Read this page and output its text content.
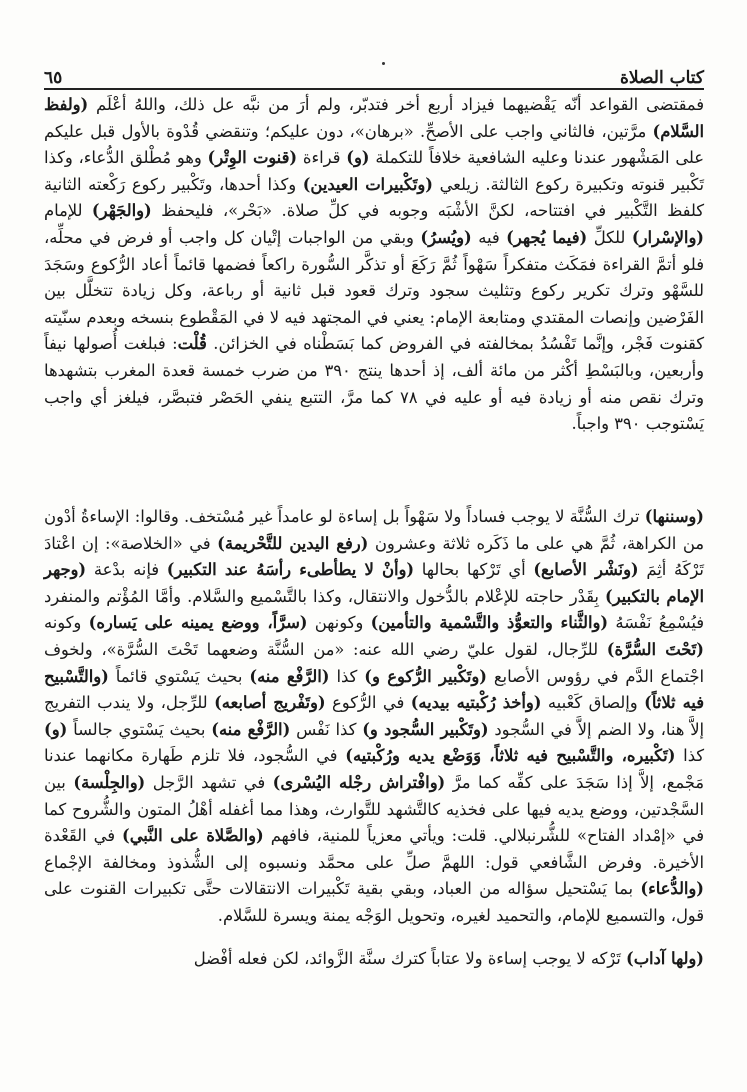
كتاب الصلاة
٦٥

فمقتضى القواعد أنّه يَقْضيهما فيزاد أربع أخر فتدبّر، ولم أرَ من نبَّه عل ذلك، واللهُ أعْلَم (ولفظ السَّلام) مرَّتين، فالثاني واجب على الأصحِّ. «برهان»، دون عليكم؛ وتنقضي قُدْوة بالأول قبل عليكم على المَشْهور عندنا وعليه الشافعية خلافاً للتكملة (و) قراءة (قنوت الوِتْر) وهو مُطْلق الدُّعاء، وكذا تَكْبير قنوته وتكبيرة ركوع الثالثة. زيلعي (وتَكْبيرات العيدين) وكذا أحدها، وتَكْبير ركوع رَكْعته الثانية كلفظ التَّكْبير في افتتاحه، لكنَّ الأشْبَه وجوبه في كلِّ صلاة. «بَحْر»، فليحفظ (والجَهْر) للإمام (والإسْرار) للكلِّ (فيما يُجهر) فيه (ويُسرُ) وبقي من الواجبات إتْيان كل واجب أو فرض في محلِّه، فلو أتمَّ القراءة فمَكَث متفكراً سَهْواً ثُمَّ رَكَعَ أو تذكَّر السُّورة راكعاً فضمها قائماً أعاد الرُّكوع وسَجَدَ للسَّهْو وترك تكرير ركوع وتثليث سجود وترك قعود قبل ثانية أو رباعة، وكل زيادة تتخلَّل بين الفَرْضين وإنصات المقتدي ومتابعة الإمام: يعني في المجتهد فيه لا في المَقْطوع بنسخه وبعدم سنّيته كقنوت فَجْر، وإنَّما تَفْسُدُ بمخالفته في الفروض كما بَسَطْناه في الخزائن. قُلْت: فبلغت أُصولها نيفاً وأربعين، وبالبَسْطِ أكْثر من مائة ألف، إذ أحدها ينتج ٣٩٠ من ضرب خمسة قعدة المغرب بتشهدها وترك نقص منه أو زيادة فيه أو عليه في ٧٨ كما مرَّ، التتبع ينفي الحَصْر فتبصَّر، فيلغز أي واجب يَسْتوجب ٣٩٠ واجباً.

(وسننها) ترك السُّنَّة لا يوجب فساداً ولا سَهْواً بل إساءة لو عامداً غير مُسْتخف. وقالوا: الإساءةُ أدْون من الكراهة، ثُمَّ هي على ما ذَكَره ثلاثة وعشرون (رفع اليدين للتَّحْريمة) في «الخلاصة»: إن اعْتادَ تَرْكَهُ أثِمَ (ونَشْر الأصابع) أي تَرْكها بحالها (وأنْ لا يطأطىء رأسَهُ عند التكبير) فإنه بدْعة (وجهر الإمام بالتكبير) بِقَدْر حاجته للإعْلام بالدُّخول والانتقال، وكذا بالتَّسْميع والسَّلام. وأمَّا المُؤْتم والمنفرد فيُسْمِعُ نَفْسَهُ (والثَّناء والتعوُّذ والتَّسْمية والتأمين) وكونهن (سرَّاً، ووضع يمينه على يَساره) وكونه (تَحْتَ السُّرَّة) للرِّجال، لقول عليّ رضي الله عنه: «من السُّنَّة وضعهما تَحْتَ السُّرَّة»، ولخوف اجْتماع الدَّم في رؤوس الأصابع (وتَكْبير الرُّكوع و) كذا (الرَّفْع منه) بحيث يَسْتوي قائماً (والتَّسْبيح فيه ثلاثاً) وإلصاق كَعْبيه (وأخذ رُكْبتيه بيديه) في الرُّكوع (وتَفْريج أصابعه) للرِّجل، ولا يندب التفريج إلاَّ هنا، ولا الضم إلاَّ في السُّجود (وتَكْبير السُّجود و) كذا نَفْس (الرَّفْع منه) بحيث يَسْتوي جالساً (و) كذا (تَكْبيره، والتَّسْبيح فيه ثلاثاً، وَوَضْع يديه ورُكْبتيه) في السُّجود، فلا تلزم طَهارة مكانهما عندنا مَجْمع، إلاَّ إذا سَجَدَ على كفِّه كما مرَّ (وافْتراش رجْله اليُسْرى) في تشهد الرَّجل (والجِلْسة) بين السَّجْدتين، ووضع يديه فيها على فخذيه كالتَّشهد للتَّوارث، وهذا مما أغفله أهْلُ المتون والشُّروح كما في «إمْداد الفتاح» للشُّرنبلالي. قلت: ويأتي معزياً للمنية، فافهم (والصَّلاة على النَّبي) في القَعْدة الأخيرة. وفرض الشَّافعي قول: اللهمَّ صلِّ على محمَّد ونسبوه إلى الشُّذوذ ومخالفة الإجْماع (والدُّعاء) بما يَسْتحيل سؤاله من العباد، وبقي بقية تَكْبيرات الانتقالات حتَّى تكبيرات القنوت على قول، والتسميع للإمام، والتحميد لغيره، وتحويل الوَجْه يمنة ويسرة للسَّلام.

(ولها آداب) تَرْكه لا يوجب إساءة ولا عتاباً كترك سنَّة الزَّوائد، لكن فعله أفْضل
